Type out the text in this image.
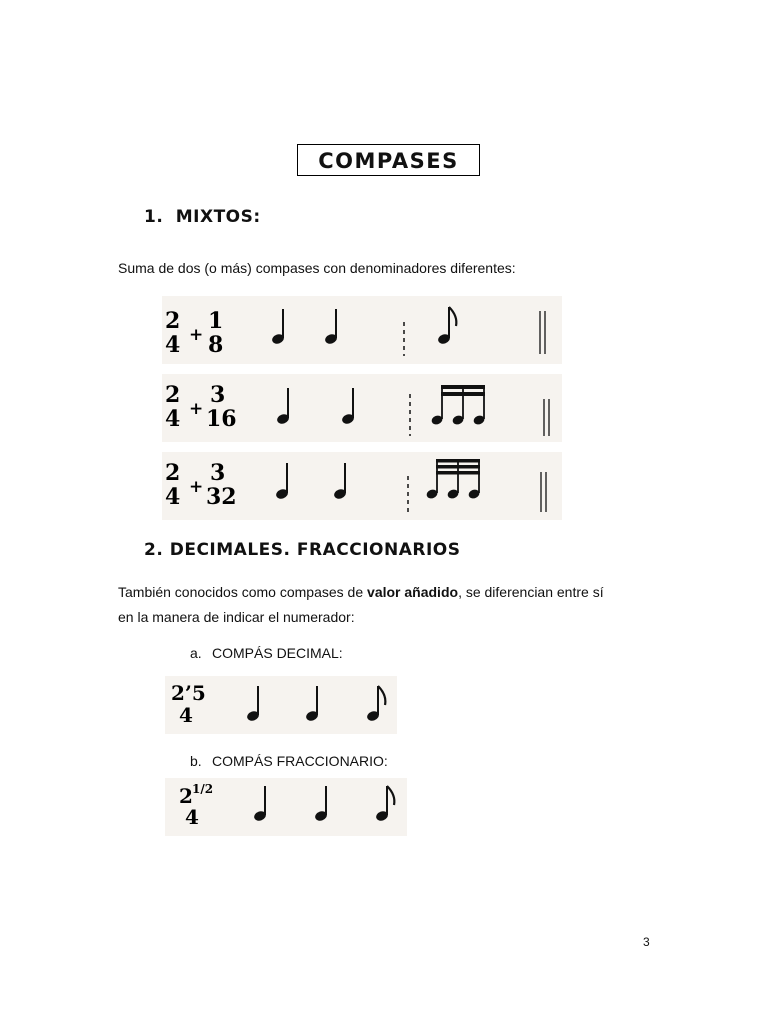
COMPASES
1. MIXTOS:
Suma de dos (o más) compases con denominadores diferentes:
2
4 +
1
8
2
4 +
3
16
2
4 +
3
32
2. DECIMALES. FRACCIONARIOS
También conocidos como compases de valor añadido, se diferencian entre sí
en la manera de indicar el numerador:
a. COMPÁS DECIMAL:
2’5
4
b. COMPÁS FRACCIONARIO:
2 1/2
4
3
